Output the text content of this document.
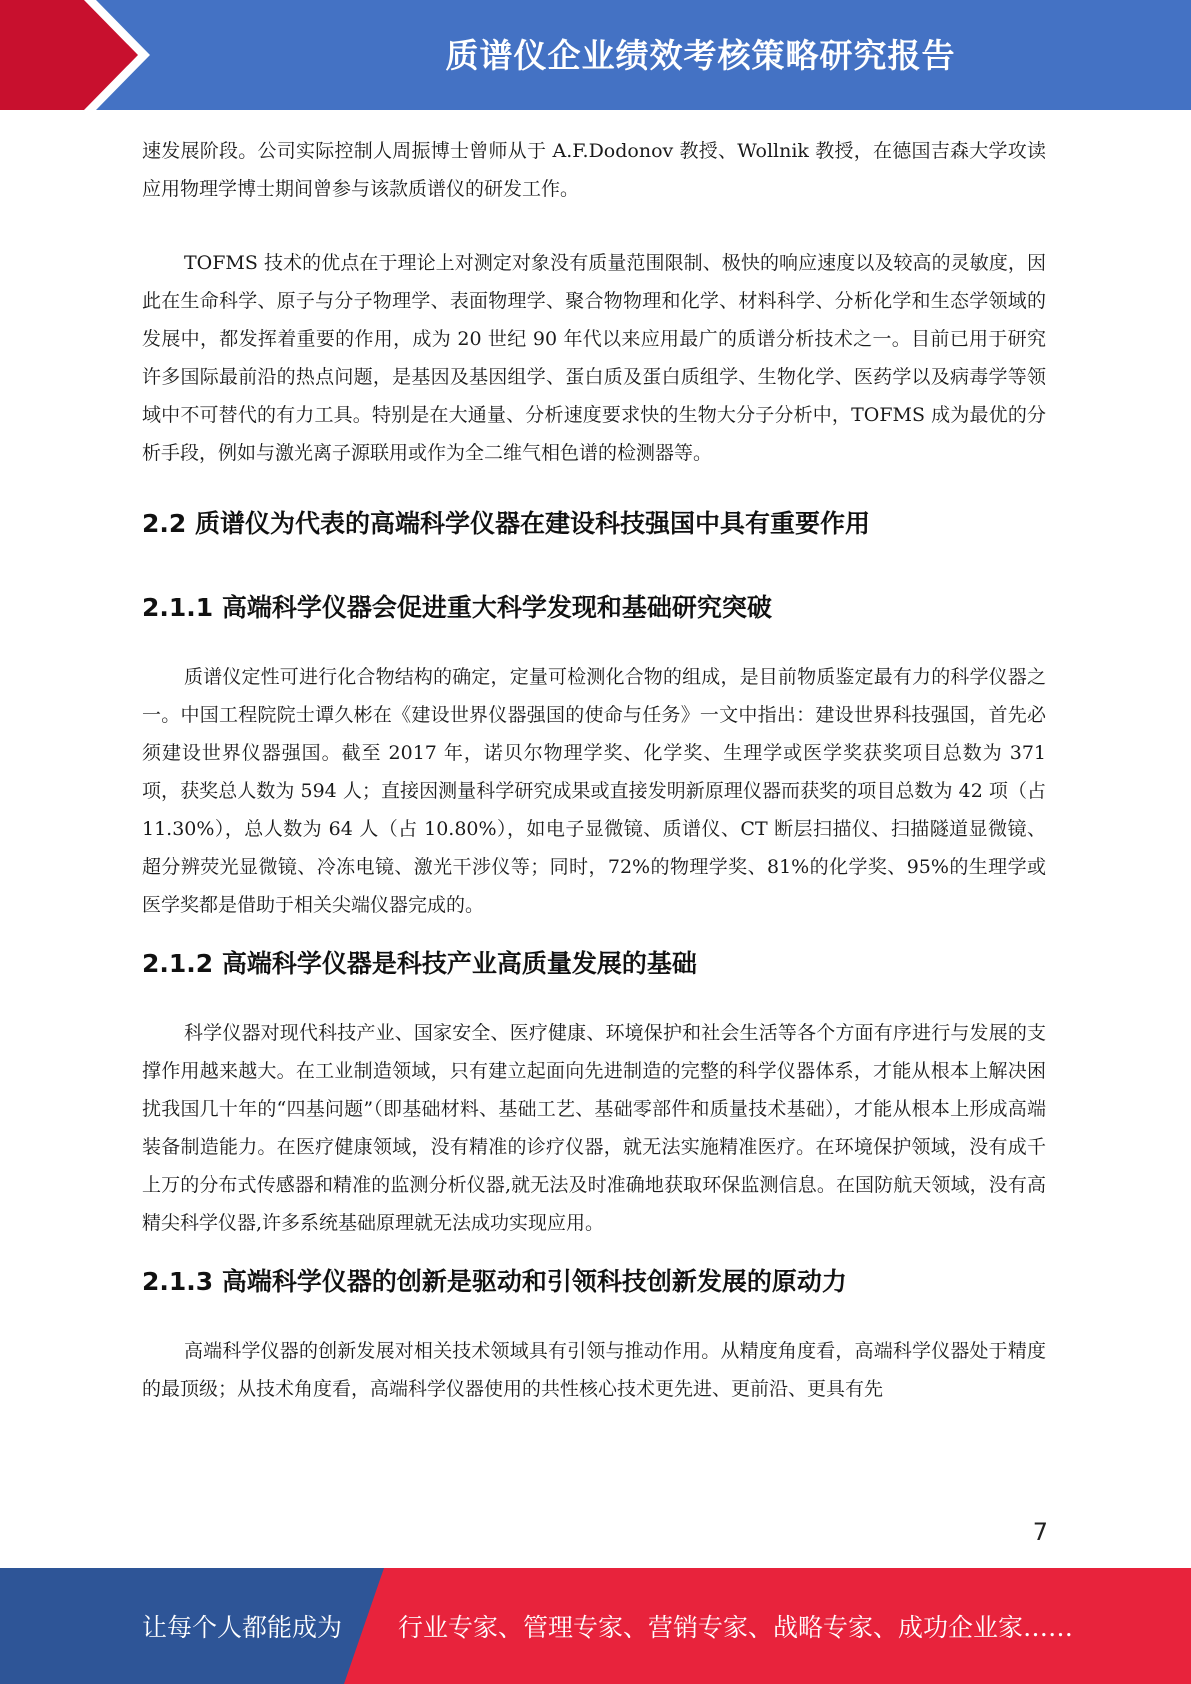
质谱仪企业绩效考核策略研究报告

速发展阶段。公司实际控制人周振博士曾师从于 A.F.Dodonov 教授、Wollnik 教授，在德国吉森大学攻读应用物理学博士期间曾参与该款质谱仪的研发工作。

TOFMS 技术的优点在于理论上对测定对象没有质量范围限制、极快的响应速度以及较高的灵敏度，因此在生命科学、原子与分子物理学、表面物理学、聚合物物理和化学、材料科学、分析化学和生态学领域的发展中，都发挥着重要的作用，成为 20 世纪 90 年代以来应用最广的质谱分析技术之一。目前已用于研究许多国际最前沿的热点问题，是基因及基因组学、蛋白质及蛋白质组学、生物化学、医药学以及病毒学等领域中不可替代的有力工具。特别是在大通量、分析速度要求快的生物大分子分析中，TOFMS 成为最优的分析手段，例如与激光离子源联用或作为全二维气相色谱的检测器等。

2.2 质谱仪为代表的高端科学仪器在建设科技强国中具有重要作用
2.1.1 高端科学仪器会促进重大科学发现和基础研究突破

质谱仪定性可进行化合物结构的确定，定量可检测化合物的组成，是目前物质鉴定最有力的科学仪器之一。中国工程院院士谭久彬在《建设世界仪器强国的使命与任务》一文中指出：建设世界科技强国，首先必须建设世界仪器强国。截至 2017 年，诺贝尔物理学奖、化学奖、生理学或医学奖获奖项目总数为 371 项，获奖总人数为 594 人；直接因测量科学研究成果或直接发明新原理仪器而获奖的项目总数为 42 项（占 11.30%），总人数为 64 人（占 10.80%），如电子显微镜、质谱仪、CT 断层扫描仪、扫描隧道显微镜、超分辨荧光显微镜、冷冻电镜、激光干涉仪等；同时，72%的物理学奖、81%的化学奖、95%的生理学或医学奖都是借助于相关尖端仪器完成的。

2.1.2 高端科学仪器是科技产业高质量发展的基础

科学仪器对现代科技产业、国家安全、医疗健康、环境保护和社会生活等各个方面有序进行与发展的支撑作用越来越大。在工业制造领域，只有建立起面向先进制造的完整的科学仪器体系，才能从根本上解决困扰我国几十年的“四基问题”（即基础材料、基础工艺、基础零部件和质量技术基础），才能从根本上形成高端装备制造能力。在医疗健康领域，没有精准的诊疗仪器，就无法实施精准医疗。在环境保护领域，没有成千上万的分布式传感器和精准的监测分析仪器,就无法及时准确地获取环保监测信息。在国防航天领域，没有高精尖科学仪器,许多系统基础原理就无法成功实现应用。

2.1.3 高端科学仪器的创新是驱动和引领科技创新发展的原动力

高端科学仪器的创新发展对相关技术领域具有引领与推动作用。从精度角度看，高端科学仪器处于精度的最顶级；从技术角度看，高端科学仪器使用的共性核心技术更先进、更前沿、更具有先

7
让每个人都能成为 行业专家、管理专家、营销专家、战略专家、成功企业家……
